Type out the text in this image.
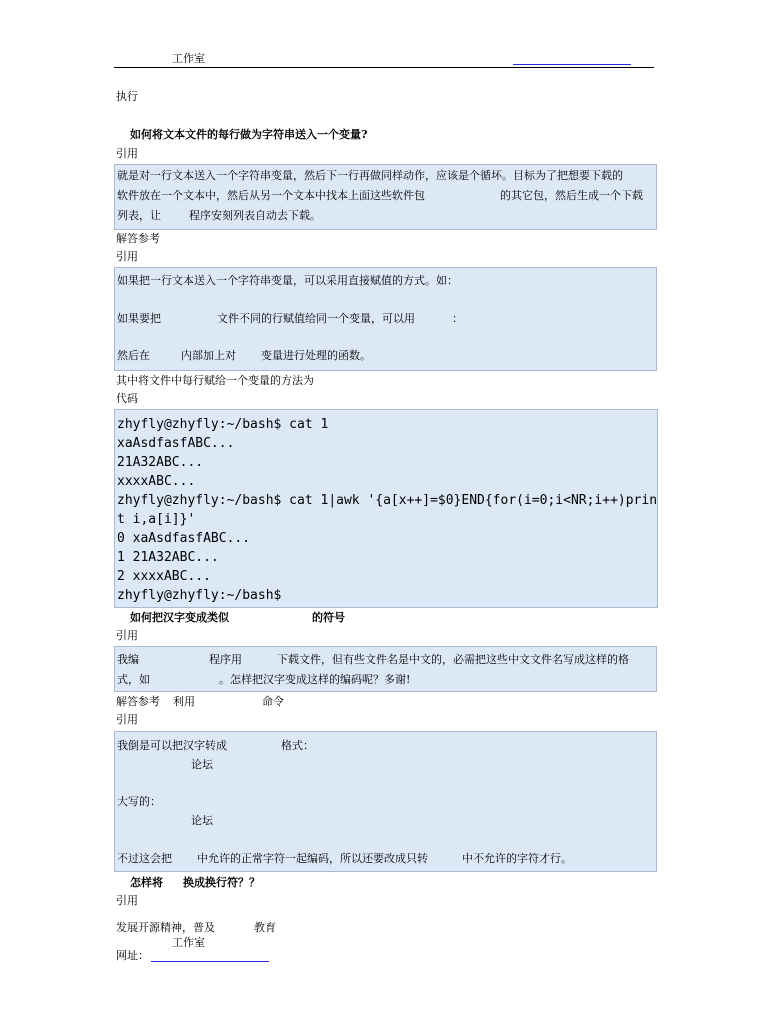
工作室
执行
如何将文本文件的每行做为字符串送入一个变量?
引用
就是对一行文本送入一个字符串变量，然后下一行再做同样动作，应该是个循坏。目标为了把想要下载的
软件放在一个文本中，然后从另一个文本中找本上面这些软件包	的其它包，然后生成一个下载
列表，让	程序安刻列表自动去下载。
解答参考
引用
如果把一行文本送入一个字符串变量，可以采用直接赋值的方式。如：
如果要把	文件不同的行赋值给同一个变量，可以用	：
然后在	内部加上对 变量进行处理的函数。
其中将文件中每行赋给一个变量的方法为
代码
zhyfly@zhyfly:~/bash$ cat 1
xaAsdfasfABC...
21A32ABC...
xxxxABC...
zhyfly@zhyfly:~/bash$ cat 1|awk '{a[x++]=$0}END{for(i=0;i<NR;i++)prin
t i,a[i]}'
0 xaAsdfasfABC...
1 21A32ABC...
2 xxxxABC...
zhyfly@zhyfly:~/bash$
如何把汉字变成类似	的符号
引用
我编	程序用	下载文件，但有些文件名是中文的，必需把这些中文文件名写成这样的格
式，如	。怎样把汉字变成这样的编码呢？多谢!
解答参考 利用	命令
引用
我倒是可以把汉字转成	格式：
论坛
大写的：
论坛
不过这会把 中允许的正常字符一起编码，所以还要改成只转	中不允许的字符才行。
怎样将 换成换行符？？
引用
发展开源精神，普及	教育
工作室
网址：
